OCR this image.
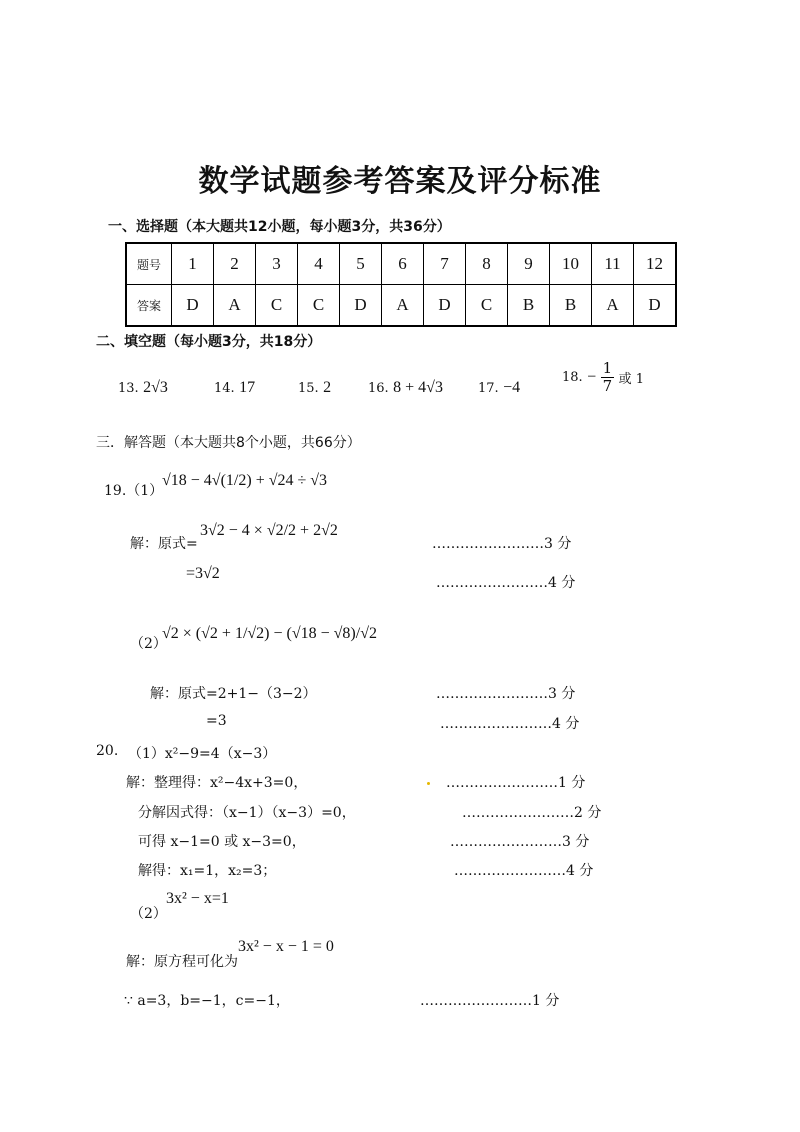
数学试题参考答案及评分标准
一、选择题（本大题共12小题，每小题3分，共36分）
题号	1	2	3	4	5	6	7	8	9	10	11	12
答案	D	A	C	C	D	A	D	C	B	B	A	D
二、填空题（每小题3分，共18分）
13. 2√3	14. 17	15. 2	16. 8 + 4√3	17. −4
18. − $\frac{1}{7}$ 或 1
三．解答题（本大题共8个小题，共66分）
19.（1）
√18 − 4√(1/2) + √24 ÷ √3
解：原式=
3√2 − 4 × √2/2 + 2√2
……………………3 分
=3√2
……………………4 分
（2）
√2 × (√2 + 1/√2) − (√18 − √8)/√2
解：原式=2+1−（3−2）	……………………3 分
=3	……………………4 分
20. （1）x²−9=4（x−3）
解：整理得：x²−4x+3=0，	……………………1 分
分解因式得：（x−1）（x−3）=0，	……………………2 分
可得 x−1=0 或 x−3=0，	……………………3 分
解得：x₁=1，x₂=3；	……………………4 分
（2）
3x² − x=1
解：原方程可化为
3x² − x − 1 = 0
∵ a=3，b=−1，c=−1，	……………………1 分
